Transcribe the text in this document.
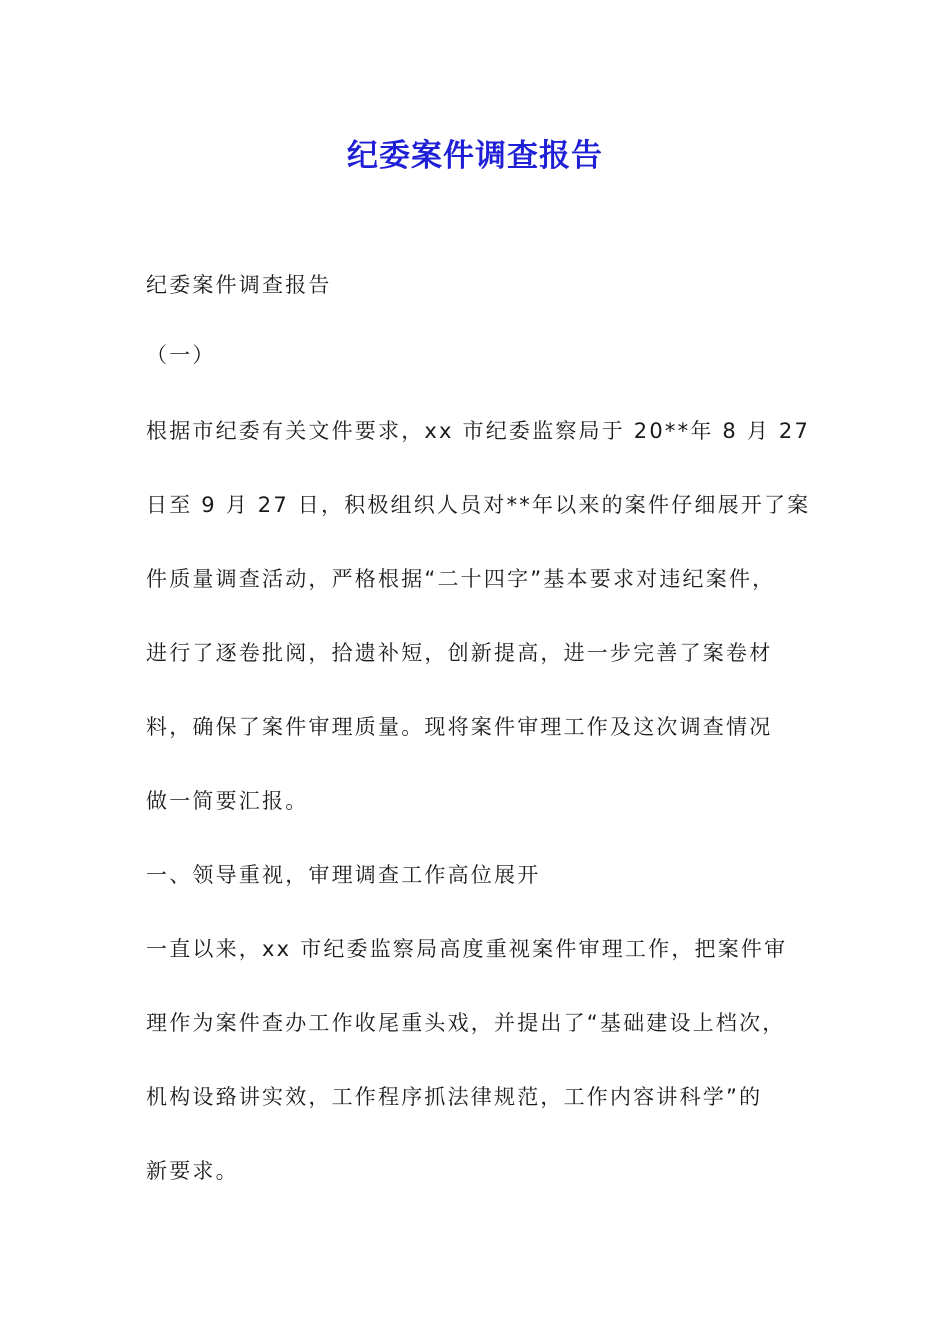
纪委案件调查报告
纪委案件调查报告
（一）
根据市纪委有关文件要求，xx 市纪委监察局于 20**年 8 月 27
日至 9 月 27 日，积极组织人员对**年以来的案件仔细展开了案
件质量调查活动，严格根据“二十四字”基本要求对违纪案件，
进行了逐卷批阅，拾遗补短，创新提高，进一步完善了案卷材
料，确保了案件审理质量。现将案件审理工作及这次调查情况
做一简要汇报。
一、领导重视，审理调查工作高位展开
一直以来，xx 市纪委监察局高度重视案件审理工作，把案件审
理作为案件查办工作收尾重头戏，并提出了“基础建设上档次，
机构设臵讲实效，工作程序抓法律规范，工作内容讲科学”的
新要求。
